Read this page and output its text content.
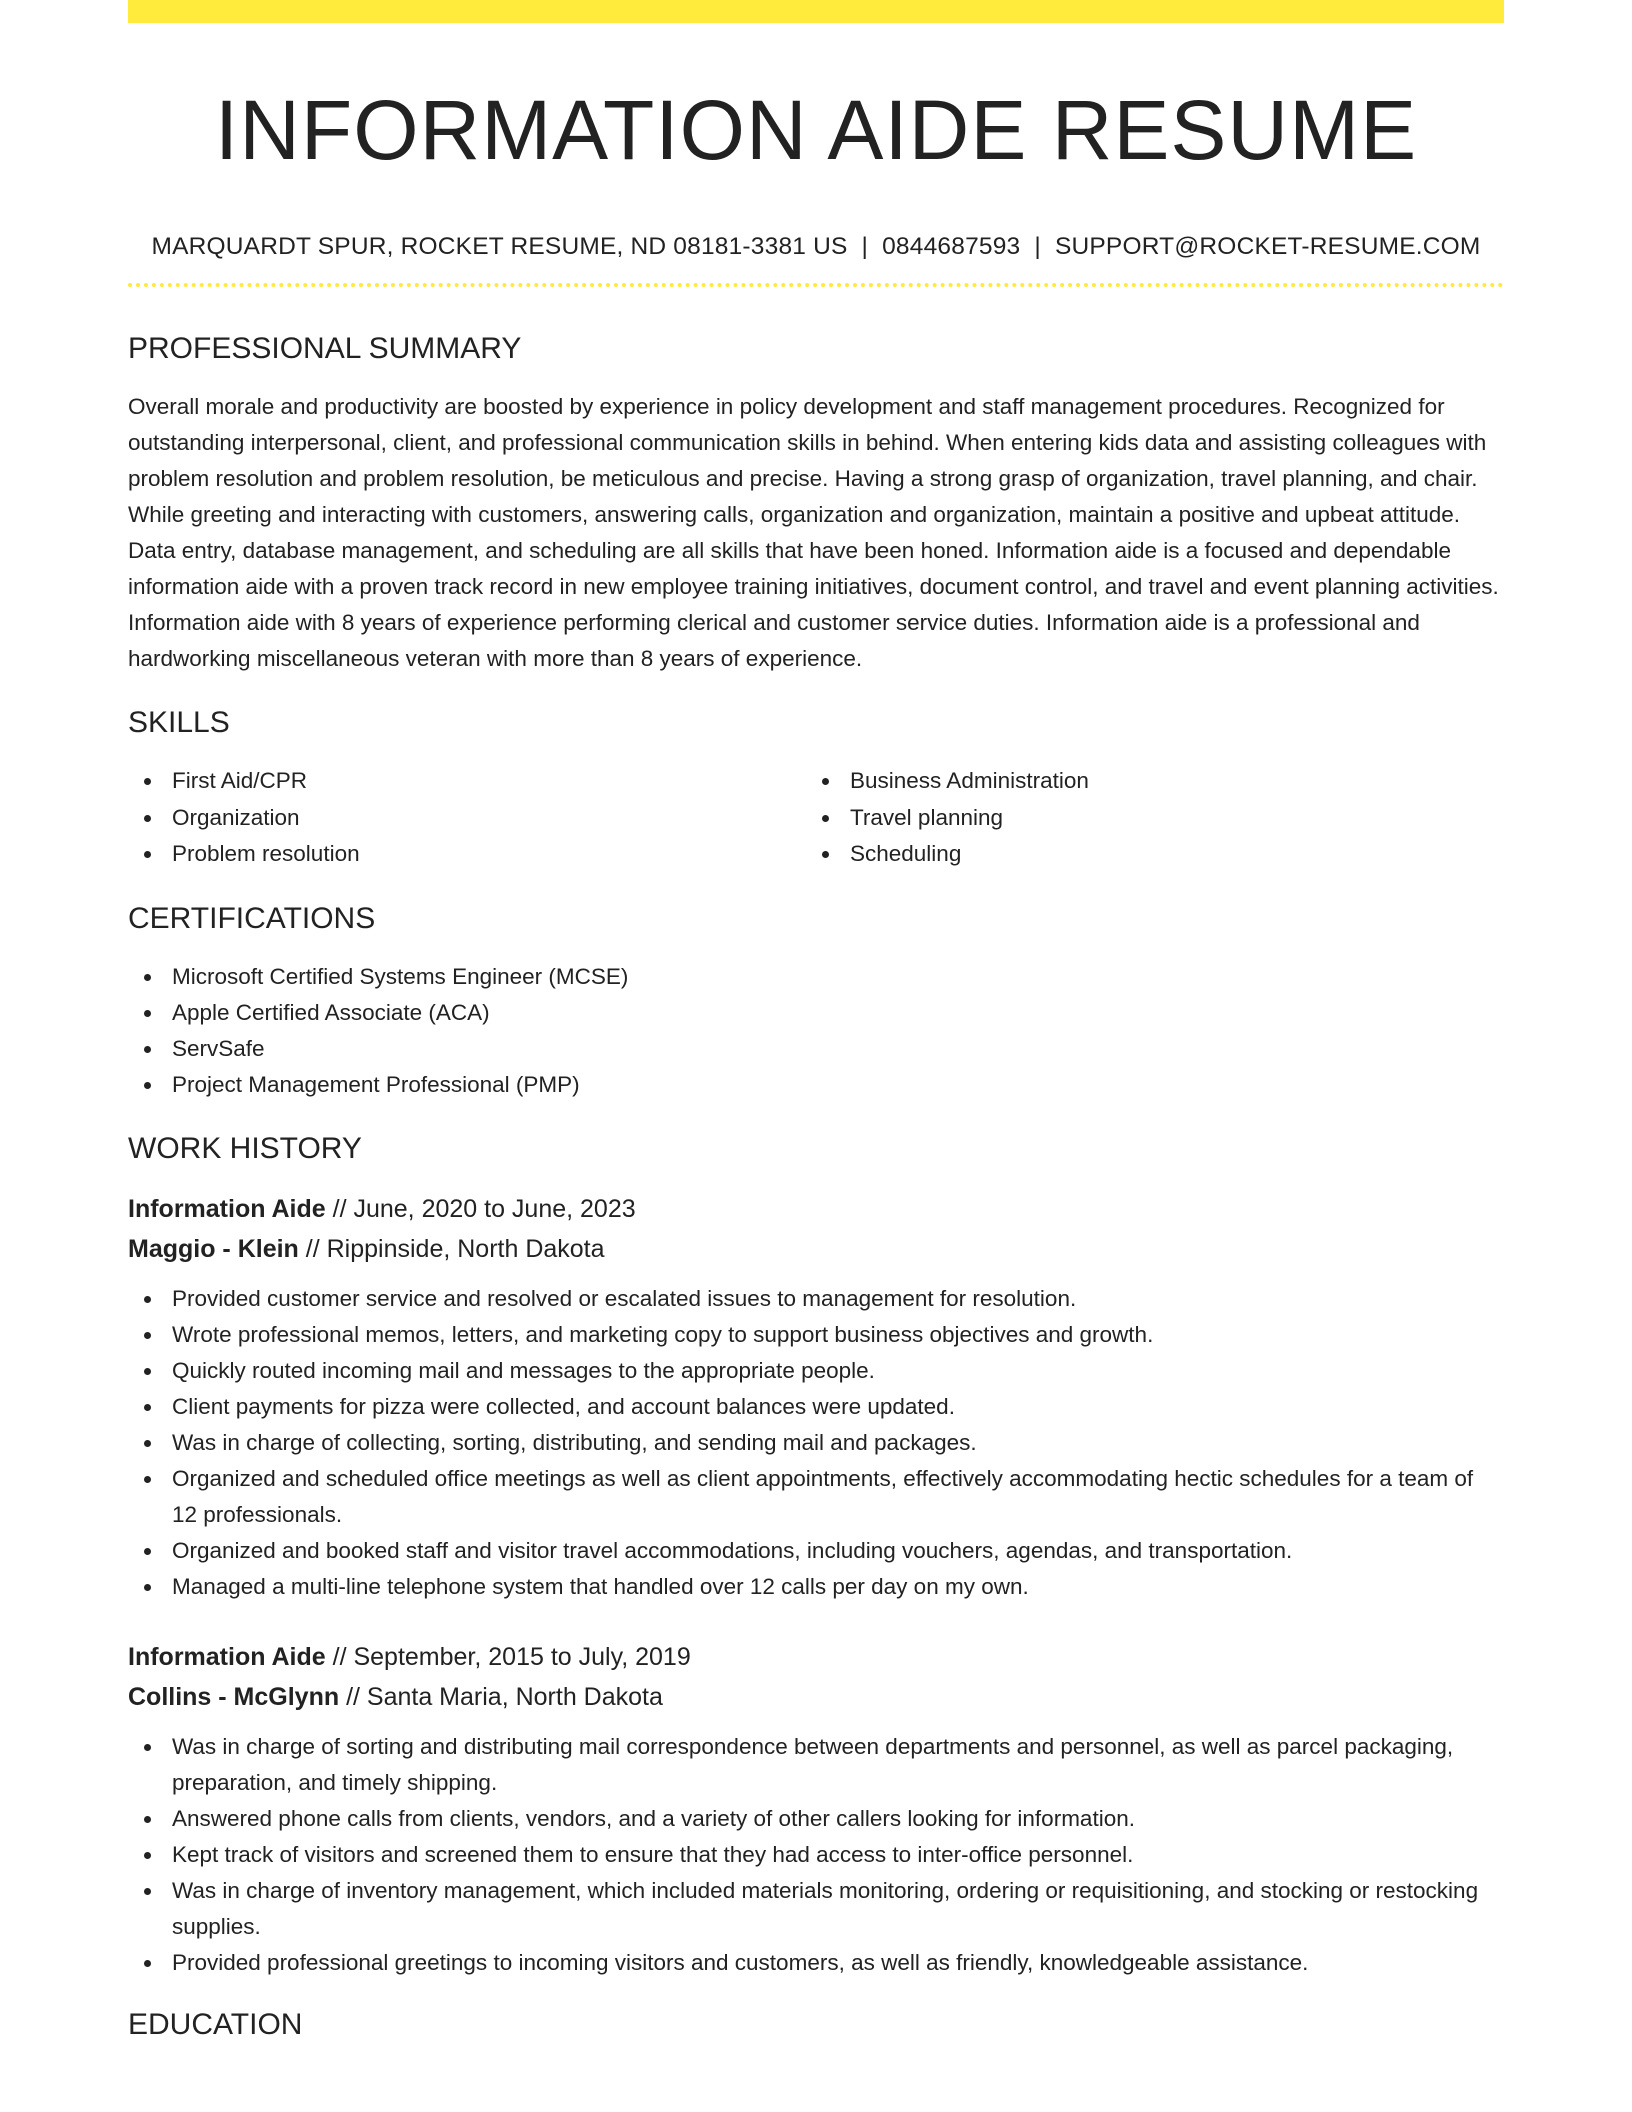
INFORMATION AIDE RESUME
MARQUARDT SPUR, ROCKET RESUME, ND 08181-3381 US | 0844687593 | SUPPORT@ROCKET-RESUME.COM
PROFESSIONAL SUMMARY

Overall morale and productivity are boosted by experience in policy development and staff management procedures. Recognized for outstanding interpersonal, client, and professional communication skills in behind. When entering kids data and assisting colleagues with problem resolution and problem resolution, be meticulous and precise. Having a strong grasp of organization, travel planning, and chair. While greeting and interacting with customers, answering calls, organization and organization, maintain a positive and upbeat attitude. Data entry, database management, and scheduling are all skills that have been honed. Information aide is a focused and dependable information aide with a proven track record in new employee training initiatives, document control, and travel and event planning activities. Information aide with 8 years of experience performing clerical and customer service duties. Information aide is a professional and hardworking miscellaneous veteran with more than 8 years of experience.

SKILLS
First Aid/CPR
Organization
Problem resolution
Business Administration
Travel planning
Scheduling
CERTIFICATIONS
Microsoft Certified Systems Engineer (MCSE)
Apple Certified Associate (ACA)
ServSafe
Project Management Professional (PMP)
WORK HISTORY
Information Aide // June, 2020 to June, 2023
Maggio - Klein // Rippinside, North Dakota
Provided customer service and resolved or escalated issues to management for resolution.
Wrote professional memos, letters, and marketing copy to support business objectives and growth.
Quickly routed incoming mail and messages to the appropriate people.
Client payments for pizza were collected, and account balances were updated.
Was in charge of collecting, sorting, distributing, and sending mail and packages.
Organized and scheduled office meetings as well as client appointments, effectively accommodating hectic schedules for a team of 12 professionals.
Organized and booked staff and visitor travel accommodations, including vouchers, agendas, and transportation.
Managed a multi-line telephone system that handled over 12 calls per day on my own.
Information Aide // September, 2015 to July, 2019
Collins - McGlynn // Santa Maria, North Dakota
Was in charge of sorting and distributing mail correspondence between departments and personnel, as well as parcel packaging, preparation, and timely shipping.
Answered phone calls from clients, vendors, and a variety of other callers looking for information.
Kept track of visitors and screened them to ensure that they had access to inter-office personnel.
Was in charge of inventory management, which included materials monitoring, ordering or requisitioning, and stocking or restocking supplies.
Provided professional greetings to incoming visitors and customers, as well as friendly, knowledgeable assistance.
EDUCATION
